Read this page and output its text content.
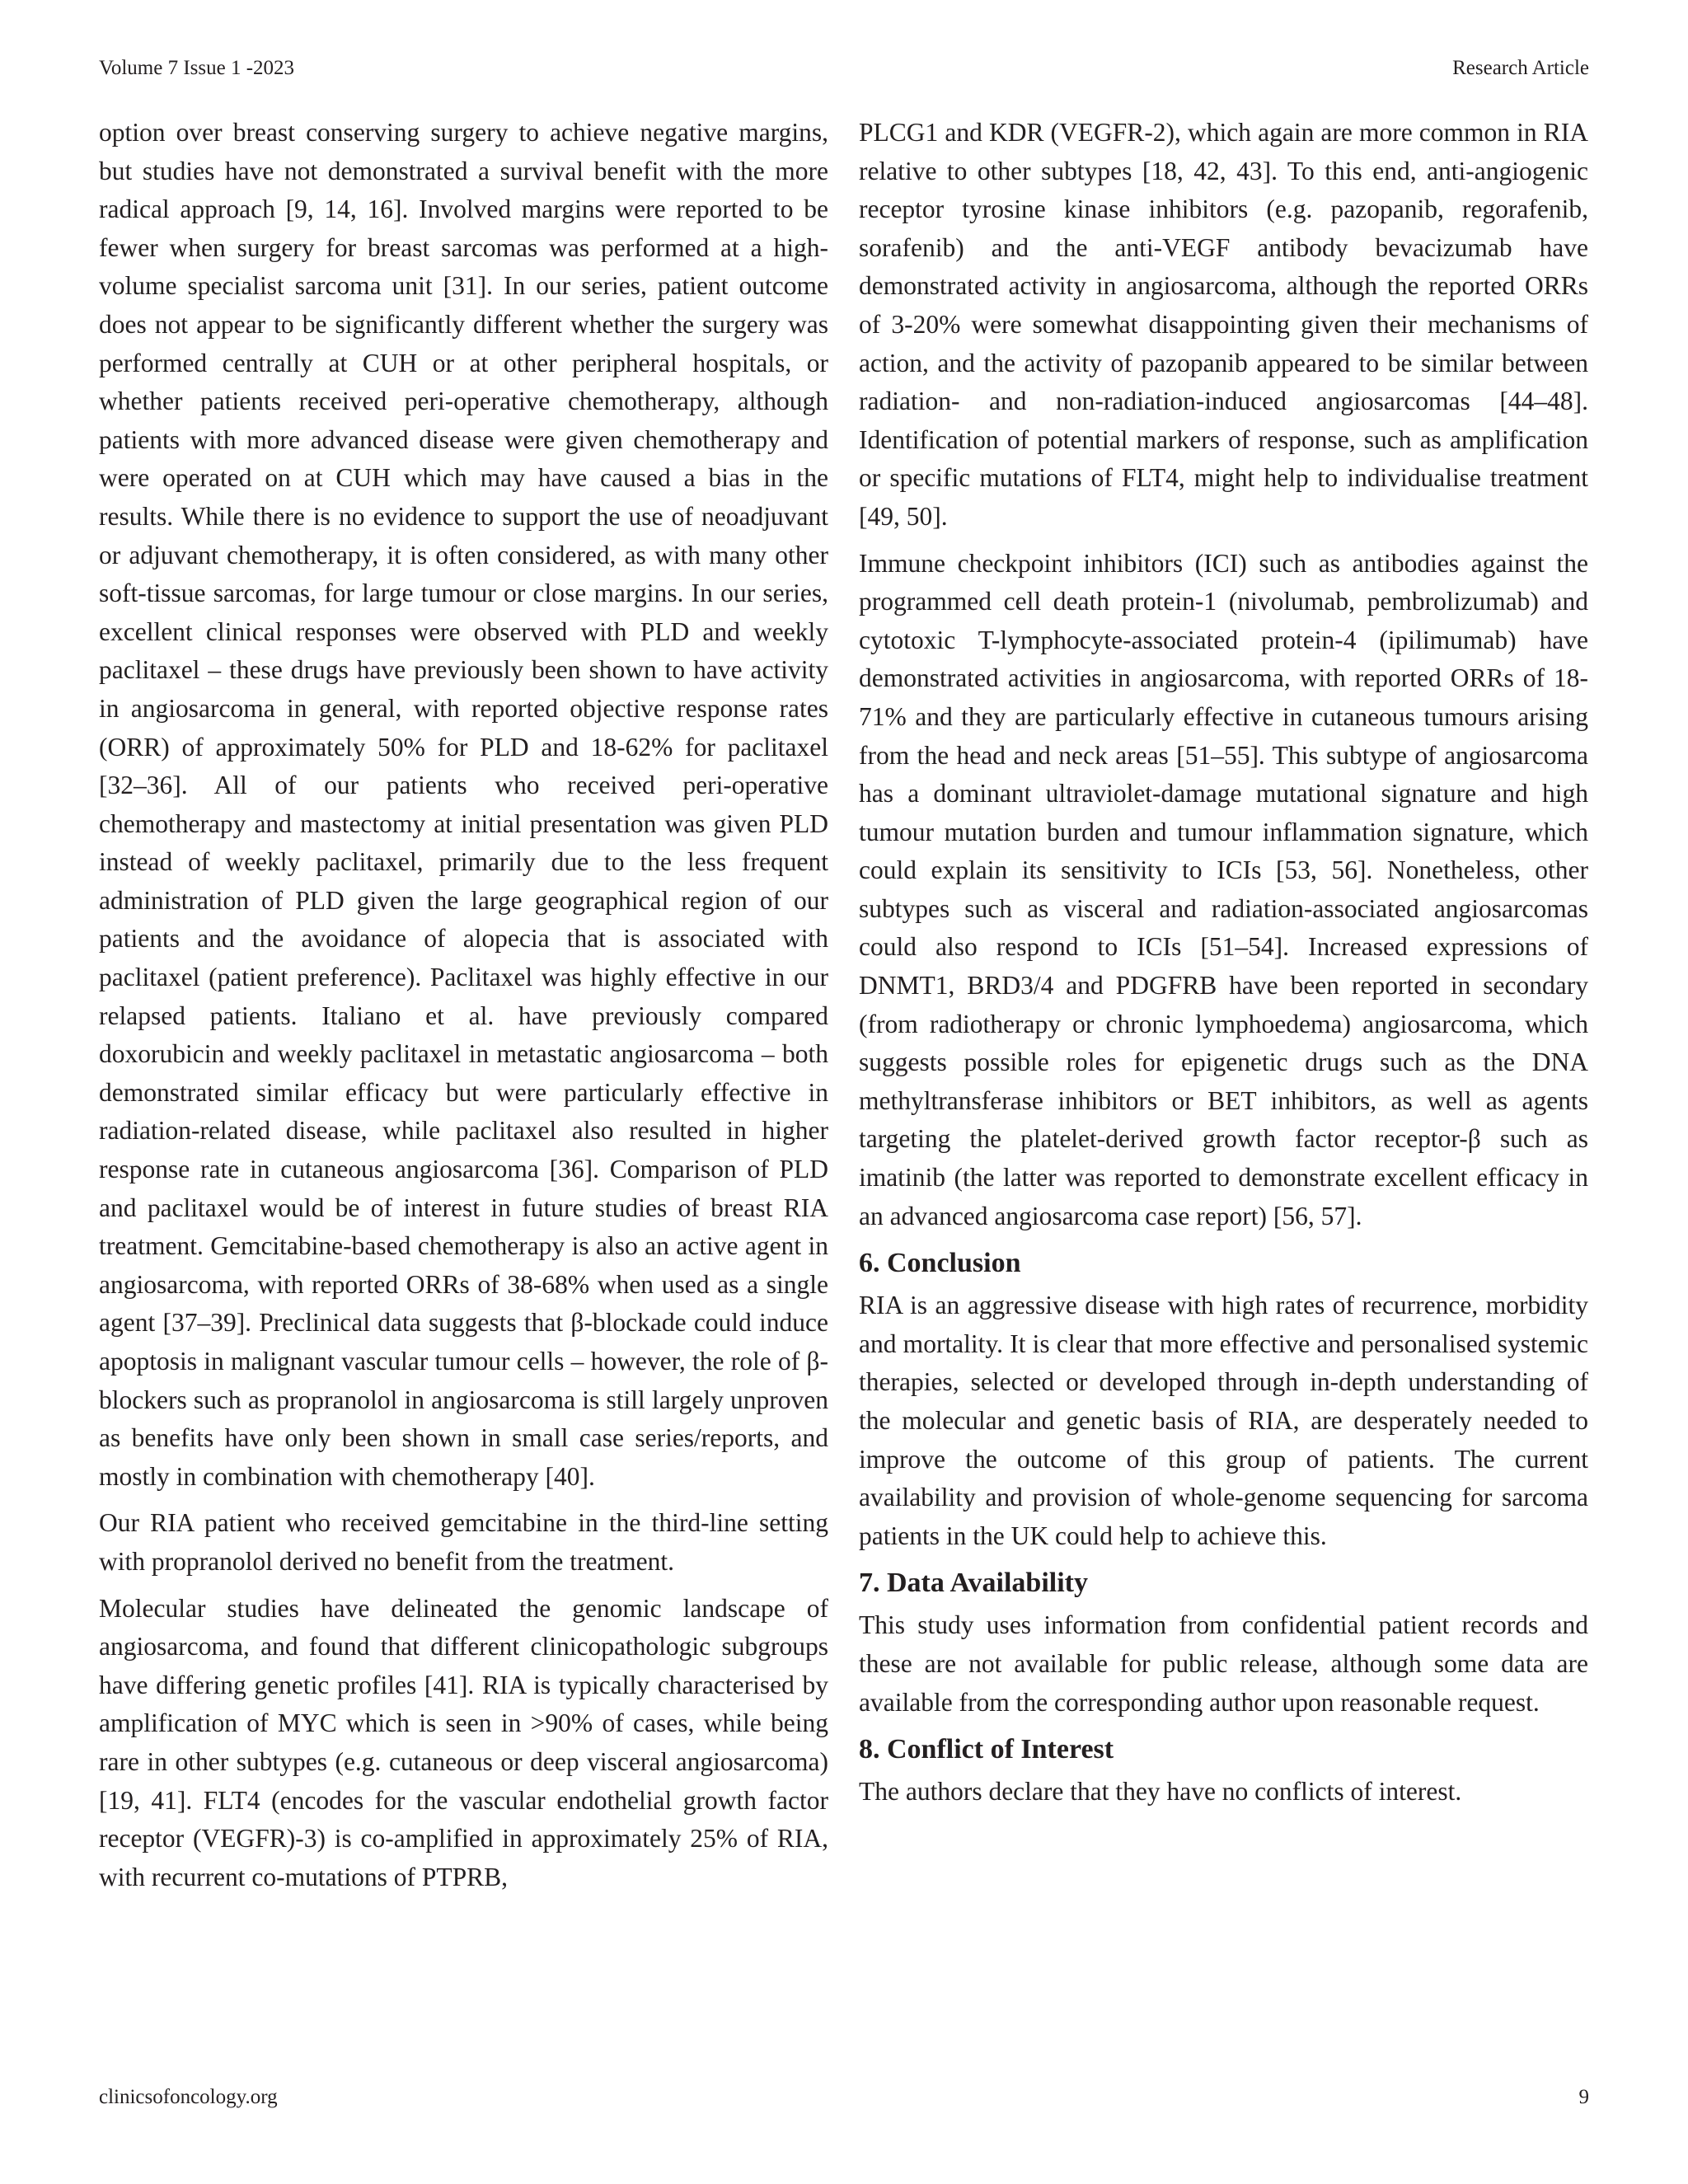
Volume 7 Issue 1 -2023	Research Article

option over breast conserving surgery to achieve negative margins, but studies have not demonstrated a survival benefit with the more radical approach [9, 14, 16]. Involved margins were reported to be fewer when surgery for breast sarcomas was performed at a high-volume specialist sarcoma unit [31]. In our series, patient outcome does not appear to be significantly different whether the surgery was performed centrally at CUH or at other peripheral hospitals, or whether patients received peri-operative chemotherapy, although patients with more advanced disease were given chemotherapy and were operated on at CUH which may have caused a bias in the results. While there is no evidence to support the use of neoadjuvant or adjuvant chemotherapy, it is often considered, as with many other soft-tissue sarcomas, for large tumour or close margins. In our series, excellent clinical responses were observed with PLD and weekly paclitaxel – these drugs have previously been shown to have activity in angiosarcoma in general, with reported objective response rates (ORR) of approximately 50% for PLD and 18-62% for paclitaxel [32–36]. All of our patients who received peri-operative chemotherapy and mastectomy at initial presentation was given PLD instead of weekly paclitaxel, primarily due to the less frequent administration of PLD given the large geographical region of our patients and the avoidance of alopecia that is associated with paclitaxel (patient preference). Paclitaxel was highly effective in our relapsed patients. Italiano et al. have previously compared doxorubicin and weekly paclitaxel in metastatic angiosarcoma – both demonstrated similar efficacy but were particularly effective in radiation-related disease, while paclitaxel also resulted in higher response rate in cutaneous angiosarcoma [36]. Comparison of PLD and paclitaxel would be of interest in future studies of breast RIA treatment. Gemcitabine-based chemotherapy is also an active agent in angiosarcoma, with reported ORRs of 38-68% when used as a single agent [37–39]. Preclinical data suggests that β-blockade could induce apoptosis in malignant vascular tumour cells – however, the role of β-blockers such as propranolol in angiosarcoma is still largely unproven as benefits have only been shown in small case series/reports, and mostly in combination with chemotherapy [40].

Our RIA patient who received gemcitabine in the third-line setting with propranolol derived no benefit from the treatment.

Molecular studies have delineated the genomic landscape of angiosarcoma, and found that different clinicopathologic subgroups have differing genetic profiles [41]. RIA is typically characterised by amplification of MYC which is seen in >90% of cases, while being rare in other subtypes (e.g. cutaneous or deep visceral angiosarcoma) [19, 41]. FLT4 (encodes for the vascular endothelial growth factor receptor (VEGFR)-3) is co-amplified in approximately 25% of RIA, with recurrent co-mutations of PTPRB,

PLCG1 and KDR (VEGFR-2), which again are more common in RIA relative to other subtypes [18, 42, 43]. To this end, anti-angiogenic receptor tyrosine kinase inhibitors (e.g. pazopanib, regorafenib, sorafenib) and the anti-VEGF antibody bevacizumab have demonstrated activity in angiosarcoma, although the reported ORRs of 3-20% were somewhat disappointing given their mechanisms of action, and the activity of pazopanib appeared to be similar between radiation- and non-radiation-induced angiosarcomas [44–48]. Identification of potential markers of response, such as amplification or specific mutations of FLT4, might help to individualise treatment [49, 50].

Immune checkpoint inhibitors (ICI) such as antibodies against the programmed cell death protein-1 (nivolumab, pembrolizumab) and cytotoxic T-lymphocyte-associated protein-4 (ipilimumab) have demonstrated activities in angiosarcoma, with reported ORRs of 18-71% and they are particularly effective in cutaneous tumours arising from the head and neck areas [51–55]. This subtype of angiosarcoma has a dominant ultraviolet-damage mutational signature and high tumour mutation burden and tumour inflammation signature, which could explain its sensitivity to ICIs [53, 56]. Nonetheless, other subtypes such as visceral and radiation-associated angiosarcomas could also respond to ICIs [51–54]. Increased expressions of DNMT1, BRD3/4 and PDGFRB have been reported in secondary (from radiotherapy or chronic lymphoedema) angiosarcoma, which suggests possible roles for epigenetic drugs such as the DNA methyltransferase inhibitors or BET inhibitors, as well as agents targeting the platelet-derived growth factor receptor-β such as imatinib (the latter was reported to demonstrate excellent efficacy in an advanced angiosarcoma case report) [56, 57].

6. Conclusion

RIA is an aggressive disease with high rates of recurrence, morbidity and mortality. It is clear that more effective and personalised systemic therapies, selected or developed through in-depth understanding of the molecular and genetic basis of RIA, are desperately needed to improve the outcome of this group of patients. The current availability and provision of whole-genome sequencing for sarcoma patients in the UK could help to achieve this.

7. Data Availability

This study uses information from confidential patient records and these are not available for public release, although some data are available from the corresponding author upon reasonable request.

8. Conflict of Interest

The authors declare that they have no conflicts of interest.

clinicsofoncology.org	9
